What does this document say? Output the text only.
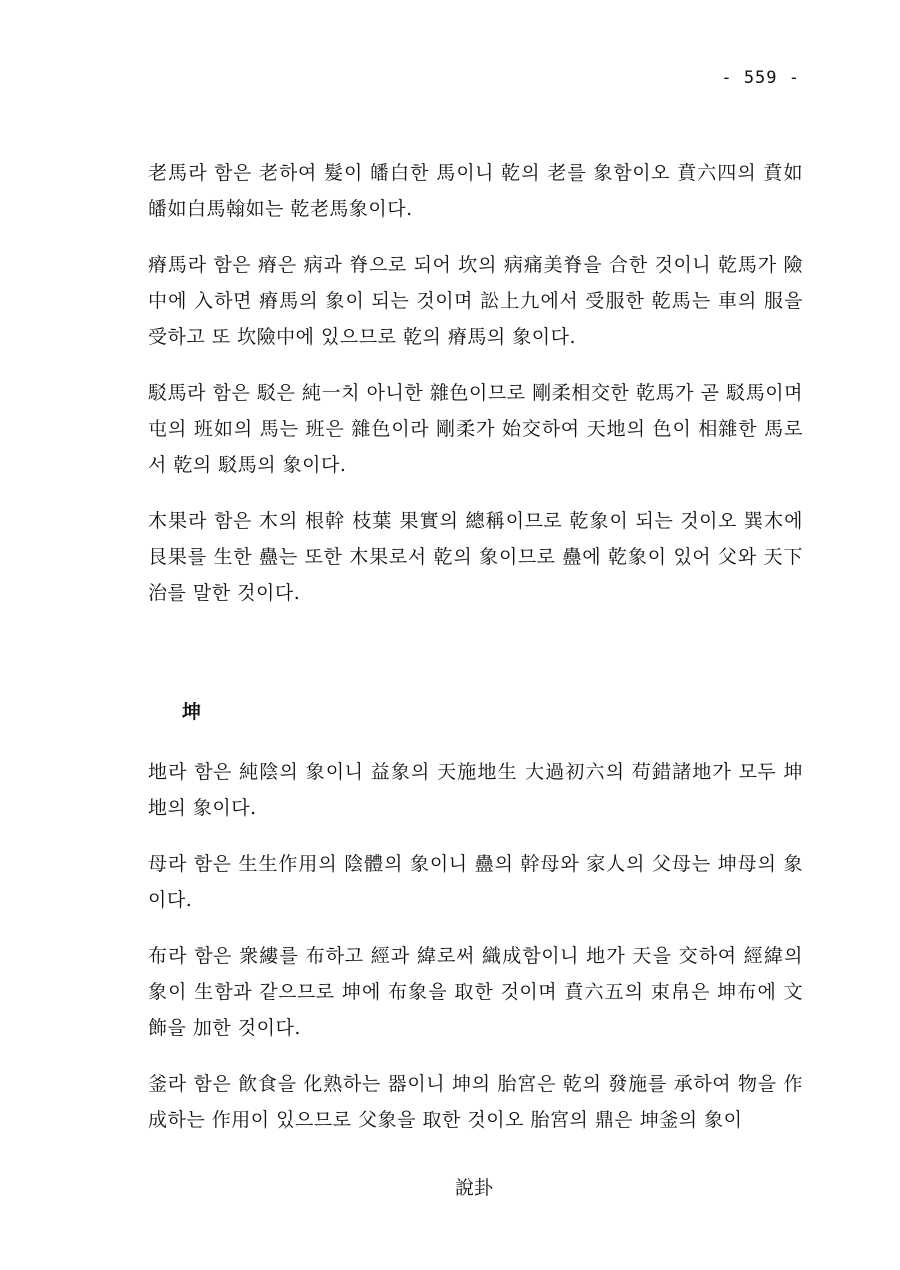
- 559 -

老馬라 함은 老하여 髮이 皤白한 馬이니 乾의 老를 象함이오 賁六四의 賁如皤如白馬翰如는 乾老馬象이다.

瘠馬라 함은 瘠은 病과 脊으로 되어 坎의 病痛美脊을 合한 것이니 乾馬가 險中에 入하면 瘠馬의 象이 되는 것이며 訟上九에서 受服한 乾馬는 車의 服을 受하고 또 坎險中에 있으므로 乾의 瘠馬의 象이다.

駁馬라 함은 駁은 純一치 아니한 雜色이므로 剛柔相交한 乾馬가 곧 駁馬이며 屯의 班如의 馬는 班은 雜色이라 剛柔가 始交하여 天地의 色이 相雜한 馬로서 乾의 駁馬의 象이다.

木果라 함은 木의 根幹 枝葉 果實의 總稱이므로 乾象이 되는 것이오 巽木에 艮果를 生한 蠱는 또한 木果로서 乾의 象이므로 蠱에 乾象이 있어 父와 天下治를 말한 것이다.

坤

地라 함은 純陰의 象이니 益象의 天施地生 大過初六의 苟錯諸地가 모두 坤地의 象이다.

母라 함은 生生作用의 陰體의 象이니 蠱의 幹母와 家人의 父母는 坤母의 象이다.

布라 함은 衆縷를 布하고 經과 緯로써 織成함이니 地가 天을 交하여 經緯의 象이 生함과 같으므로 坤에 布象을 取한 것이며 賁六五의 束帛은 坤布에 文飾을 加한 것이다.

釜라 함은 飮食을 化熟하는 器이니 坤의 胎宮은 乾의 發施를 承하여 物을 作成하는 作用이 있으므로 父象을 取한 것이오 胎宮의 鼎은 坤釜의 象이

說卦
